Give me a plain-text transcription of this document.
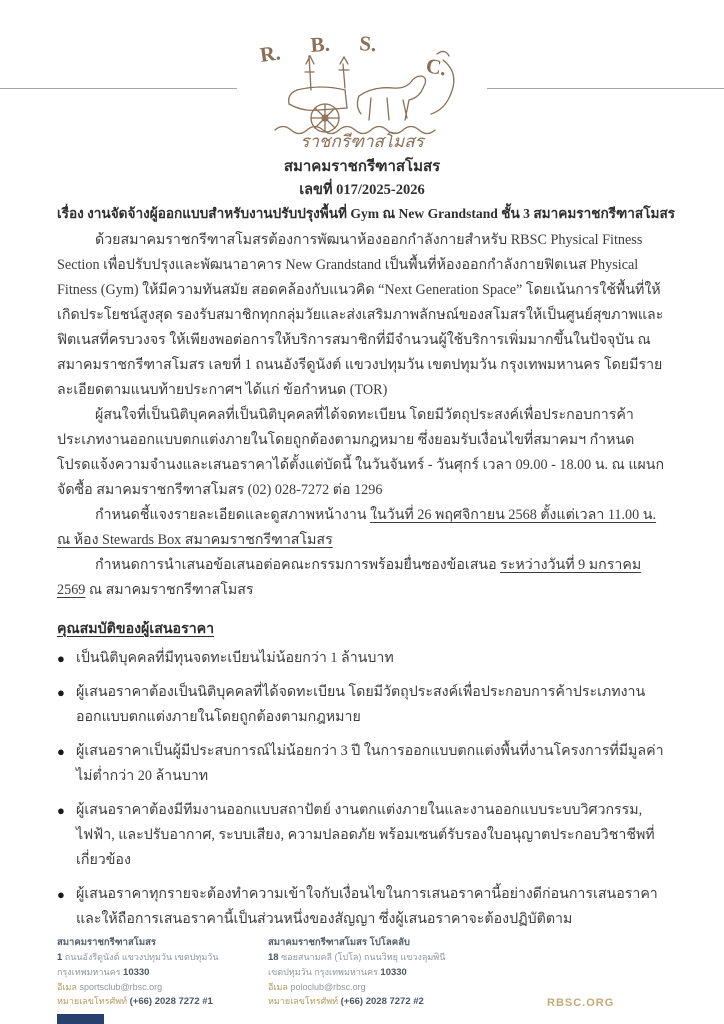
R. B. S.
C.
ราชกรีฑาสโมสร
สมาคมราชกรีฑาสโมสร
เลขที่ 017/2025-2026
เรื่อง งานจัดจ้างผู้ออกแบบสำหรับงานปรับปรุงพื้นที่ Gym ณ New Grandstand ชั้น 3 สมาคมราชกรีฑาสโมสร

ด้วยสมาคมราชกรีฑาสโมสรต้องการพัฒนาห้องออกกำลังกายสำหรับ RBSC Physical Fitness Section เพื่อปรับปรุงและพัฒนาอาคาร New Grandstand เป็นพื้นที่ห้องออกกำลังกายฟิตเนส Physical Fitness (Gym) ให้มีความทันสมัย สอดคล้องกับแนวคิด “Next Generation Space” โดยเน้นการใช้พื้นที่ให้เกิดประโยชน์สูงสุด รองรับสมาชิกทุกกลุ่มวัยและส่งเสริมภาพลักษณ์ของสโมสรให้เป็นศูนย์สุขภาพและฟิตเนสที่ครบวงจร ให้เพียงพอต่อการให้บริการสมาชิกที่มีจำนวนผู้ใช้บริการเพิ่มมากขึ้นในปัจจุบัน ณ สมาคมราชกรีฑาสโมสร เลขที่ 1 ถนนอังรีดูนังต์ แขวงปทุมวัน เขตปทุมวัน กรุงเทพมหานคร โดยมีรายละเอียดตามแนบท้ายประกาศฯ ได้แก่ ข้อกำหนด (TOR)

ผู้สนใจที่เป็นนิติบุคคลที่เป็นนิติบุคคลที่ได้จดทะเบียน โดยมีวัตถุประสงค์เพื่อประกอบการค้าประเภทงานออกแบบตกแต่งภายในโดยถูกต้องตามกฎหมาย ซึ่งยอมรับเงื่อนไขที่สมาคมฯ กำหนด โปรดแจ้งความจำนงและเสนอราคาได้ตั้งแต่บัดนี้ ในวันจันทร์ - วันศุกร์ เวลา 09.00 - 18.00 น. ณ แผนกจัดซื้อ สมาคมราชกรีฑาสโมสร (02) 028-7272 ต่อ 1296

กำหนดชี้แจงรายละเอียดและดูสภาพหน้างาน ในวันที่ 26 พฤศจิกายน 2568 ตั้งแต่เวลา 11.00 น. ณ ห้อง Stewards Box สมาคมราชกรีฑาสโมสร

กำหนดการนำเสนอข้อเสนอต่อคณะกรรมการพร้อมยื่นซองข้อเสนอ ระหว่างวันที่ 9 มกราคม 2569 ณ สมาคมราชกรีฑาสโมสร

คุณสมบัติของผู้เสนอราคา
● เป็นนิติบุคคลที่มีทุนจดทะเบียนไม่น้อยกว่า 1 ล้านบาท
● ผู้เสนอราคาต้องเป็นนิติบุคคลที่ได้จดทะเบียน โดยมีวัตถุประสงค์เพื่อประกอบการค้าประเภทงานออกแบบตกแต่งภายในโดยถูกต้องตามกฎหมาย
● ผู้เสนอราคาเป็นผู้มีประสบการณ์ไม่น้อยกว่า 3 ปี ในการออกแบบตกแต่งพื้นที่งานโครงการที่มีมูลค่าไม่ต่ำกว่า 20 ล้านบาท
● ผู้เสนอราคาต้องมีทีมงานออกแบบสถาปัตย์ งานตกแต่งภายในและงานออกแบบระบบวิศวกรรม, ไฟฟ้า, และปรับอากาศ, ระบบเสียง, ความปลอดภัย พร้อมเซนต์รับรองใบอนุญาตประกอบวิชาชีพที่เกี่ยวข้อง
● ผู้เสนอราคาทุกรายจะต้องทำความเข้าใจกับเงื่อนไขในการเสนอราคานี้อย่างดีก่อนการเสนอราคา และให้ถือการเสนอราคานี้เป็นส่วนหนึ่งของสัญญา ซึ่งผู้เสนอราคาจะต้องปฏิบัติตาม
สมาคมราชกรีฑาสโมสร
1 ถนนอังรีดูนังต์ แขวงปทุมวัน เขตปทุมวัน
กรุงเทพมหานคร 10330
อีเมล sportsclub@rbsc.org
หมายเลขโทรศัพท์ (+66) 2028 7272 #1
สมาคมราชกรีฑาสโมสร โปโลคลับ
18 ซอยสนามคลี (โปโล) ถนนวิทยุ แขวงลุมพินี
เขตปทุมวัน กรุงเทพมหานคร 10330
อีเมล poloclub@rbsc.org
หมายเลขโทรศัพท์ (+66) 2028 7272 #2	RBSC.ORG
